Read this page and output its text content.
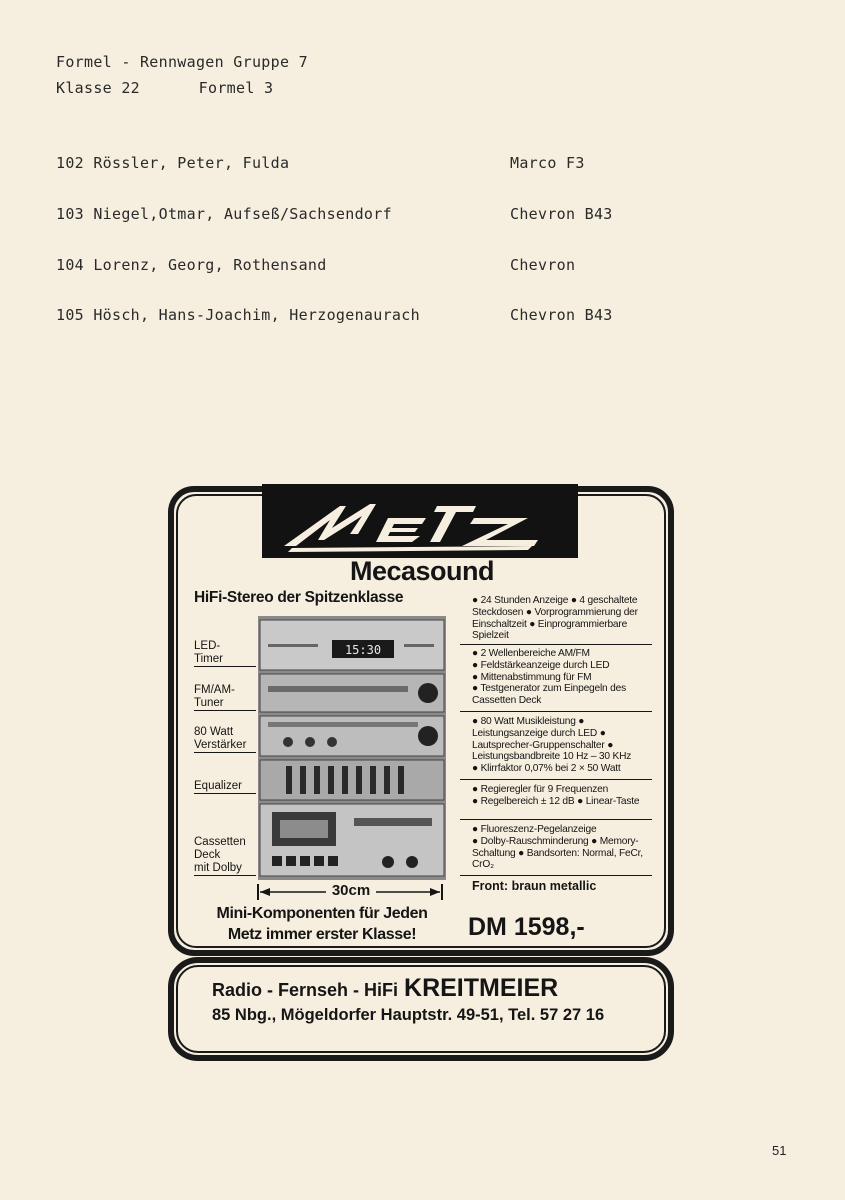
Formel - Rennwagen Gruppe 7
Klasse 22	Formel 3
102 Rössler, Peter, Fulda	Marco F3
103 Niegel,Otmar, Aufseß/Sachsendorf	Chevron B43
104 Lorenz, Georg, Rothensand	Chevron
105 Hösch, Hans-Joachim, Herzogenaurach	Chevron B43
Metz
Mecasound
HiFi-Stereo der Spitzenklasse
15:30
LED-
Timer
FM/AM-
Tuner
80 Watt
Verstärker
Equalizer
Cassetten
Deck
mit Dolby
● 24 Stunden Anzeige ● 4 geschaltete Steckdosen ● Vorprogrammierung der Einschaltzeit ● Einprogrammierbare Spielzeit
● 2 Wellenbereiche AM/FM
● Feldstärkeanzeige durch LED
● Mittenabstimmung für FM
● Testgenerator zum Einpegeln des Cassetten Deck
● 80 Watt Musikleistung ● Leistungsanzeige durch LED ● Lautsprecher-Gruppenschalter ● Leistungsbandbreite 10 Hz – 30 KHz
● Klirrfaktor 0,07% bei 2 × 50 Watt
● Regieregler für 9 Frequenzen
● Regelbereich ± 12 dB ● Linear-Taste
● Fluoreszenz-Pegelanzeige
● Dolby-Rauschminderung ● Memory-Schaltung ● Bandsorten: Normal, FeCr, CrO₂
Front: braun metallic
30cm
Mini-Komponenten für Jeden
Metz immer erster Klasse!	DM 1598,-
Radio - Fernseh - HiFi KREITMEIER
85 Nbg., Mögeldorfer Hauptstr. 49-51, Tel. 57 27 16
51
